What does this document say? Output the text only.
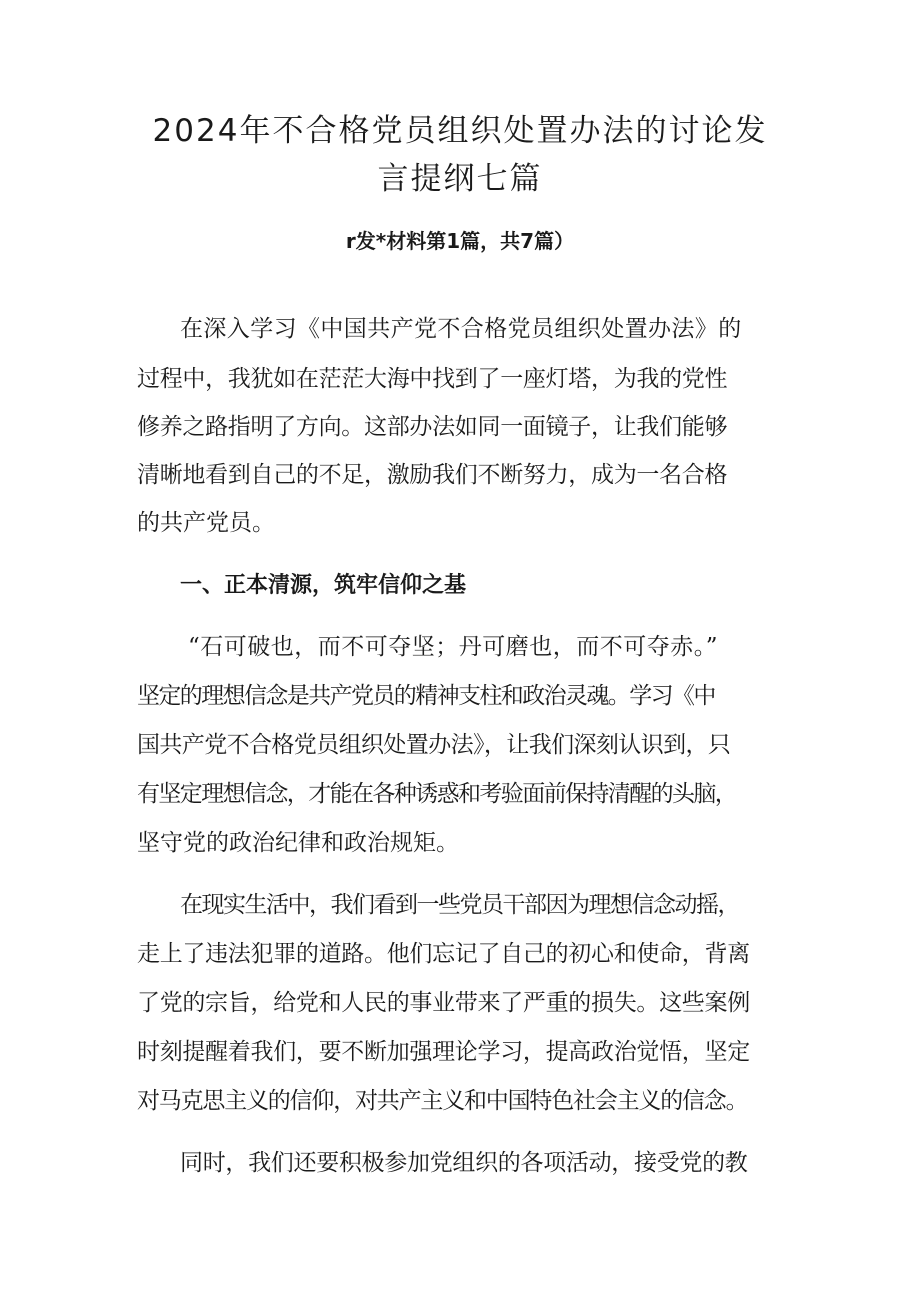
2024年不合格党员组织处置办法的讨论发
言提纲七篇

r发*材料第1篇，共7篇）

在深入学习《中国共产党不合格党员组织处置办法》的

过程中，我犹如在茫茫大海中找到了一座灯塔，为我的党性

修养之路指明了方向。这部办法如同一面镜子，让我们能够

清晰地看到自己的不足，激励我们不断努力，成为一名合格

的共产党员。

一、正本清源，筑牢信仰之基

“石可破也，而不可夺坚；丹可磨也，而不可夺赤。”

坚定的理想信念是共产党员的精神支柱和政治灵魂。学习《中

国共产党不合格党员组织处置办法》，让我们深刻认识到，只

有坚定理想信念，才能在各种诱惑和考验面前保持清醒的头脑，

坚守党的政治纪律和政治规矩。

在现实生活中，我们看到一些党员干部因为理想信念动摇，

走上了违法犯罪的道路。他们忘记了自己的初心和使命，背离

了党的宗旨，给党和人民的事业带来了严重的损失。这些案例

时刻提醒着我们，要不断加强理论学习，提高政治觉悟，坚定

对马克思主义的信仰，对共产主义和中国特色社会主义的信念。

同时，我们还要积极参加党组织的各项活动，接受党的教
